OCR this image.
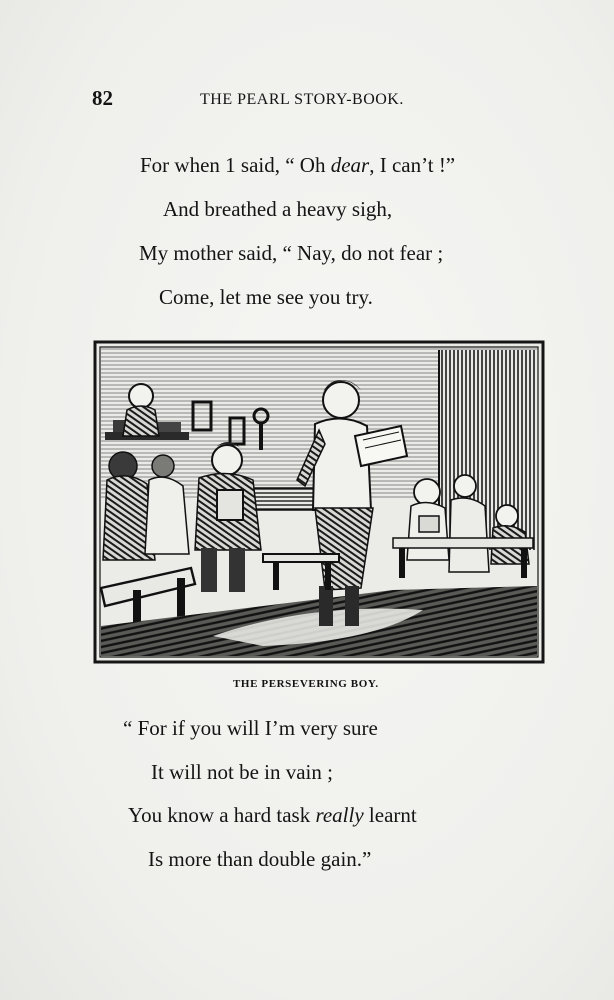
82	THE PEARL STORY-BOOK.
For when 1 said, “ Oh dear, I can’t !”
And breathed a heavy sigh,
My mother said, “ Nay, do not fear ;
Come, let me see you try.
THE PERSEVERING BOY.
“ For if you will I’m very sure
It will not be in vain ;
You know a hard task really learnt
Is more than double gain.”
